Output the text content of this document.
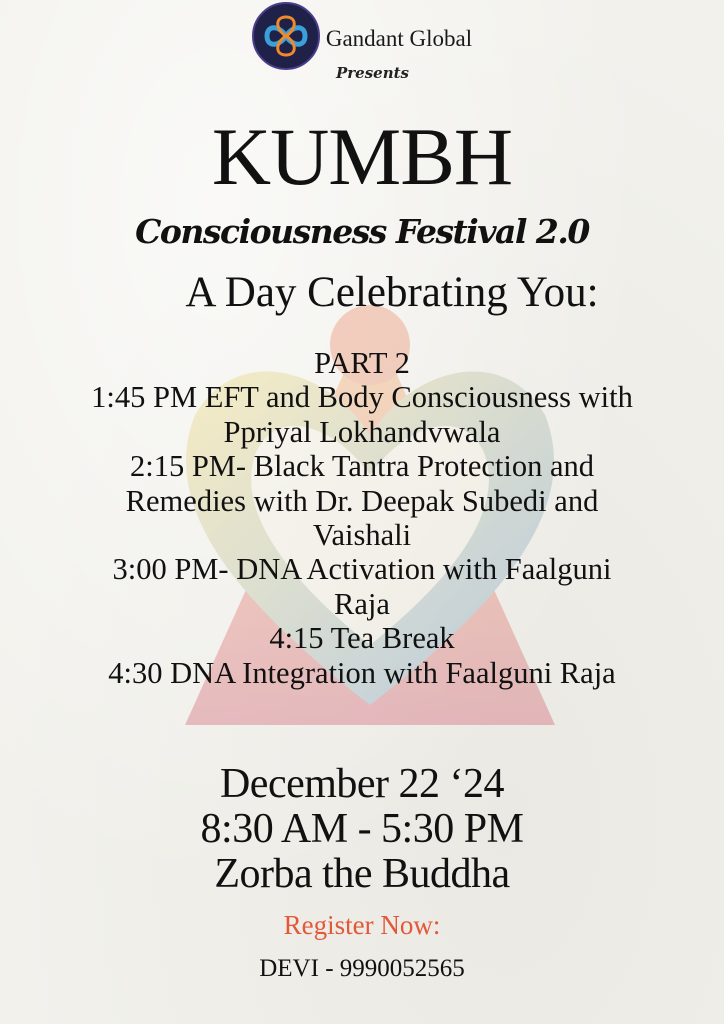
Gandant Global
Presents
KUMBH
Consciousness Festival 2.0
A Day Celebrating You:
PART 2
1:45 PM EFT and Body Consciousness with
Ppriyal Lokhandvwala
2:15 PM- Black Tantra Protection and
Remedies with Dr. Deepak Subedi and
Vaishali
3:00 PM- DNA Activation with Faalguni
Raja
4:15 Tea Break
4:30 DNA Integration with Faalguni Raja
December 22 ‘24
8:30 AM - 5:30 PM
Zorba the Buddha
Register Now:
DEVI - 9990052565
